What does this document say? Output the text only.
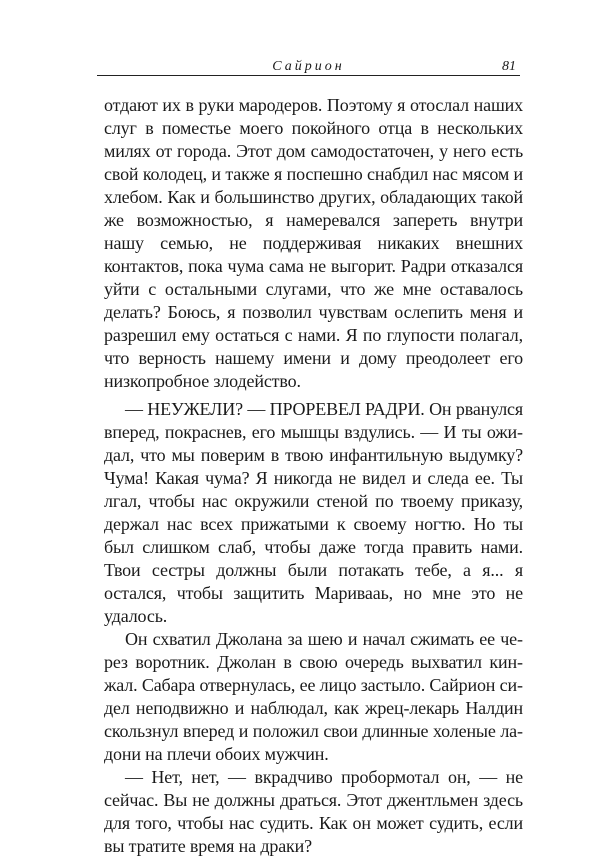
Сайрион	81

отдают их в руки мародеров. Поэтому я отослал наших слуг в поместье моего покойного отца в нескольких милях от города. Этот дом самодостаточен, у него есть свой колодец, и также я поспешно снабдил нас мясом и хлебом. Как и большинство других, обладающих такой же возможностью, я намеревался запереть внутри нашу семью, не поддерживая никаких внешних контактов, пока чума сама не выгорит. Радри отказался уйти с остальными слугами, что же мне оставалось делать? Боюсь, я позволил чувствам ослепить меня и разрешил ему остаться с нами. Я по глупости полагал, что верность нашему имени и дому преодолеет его низкопробное злодейство.

— НЕУЖЕЛИ? — ПРОРЕВЕЛ РАДРИ. Он рванулся вперед, покраснев, его мышцы вздулись. — И ты ожидал, что мы поверим в твою инфантильную выдумку? Чума! Какая чума? Я никогда не видел и следа ее. Ты лгал, чтобы нас окружили стеной по твоему приказу, держал нас всех прижатыми к своему ногтю. Но ты был слишком слаб, чтобы даже тогда править нами. Твои сестры должны были потакать тебе, а я... я остался, чтобы защитить Маривааь, но мне это не удалось.

Он схватил Джолана за шею и начал сжимать ее через воротник. Джолан в свою очередь выхватил кинжал. Сабара отвернулась, ее лицо застыло. Сайрион сидел неподвижно и наблюдал, как жрец-лекарь Налдин скользнул вперед и положил свои длинные холеные ладони на плечи обоих мужчин.

— Нет, нет, — вкрадчиво пробормотал он, — не сейчас. Вы не должны драться. Этот джентльмен здесь для того, чтобы нас судить. Как он может судить, если вы тратите время на драки?
